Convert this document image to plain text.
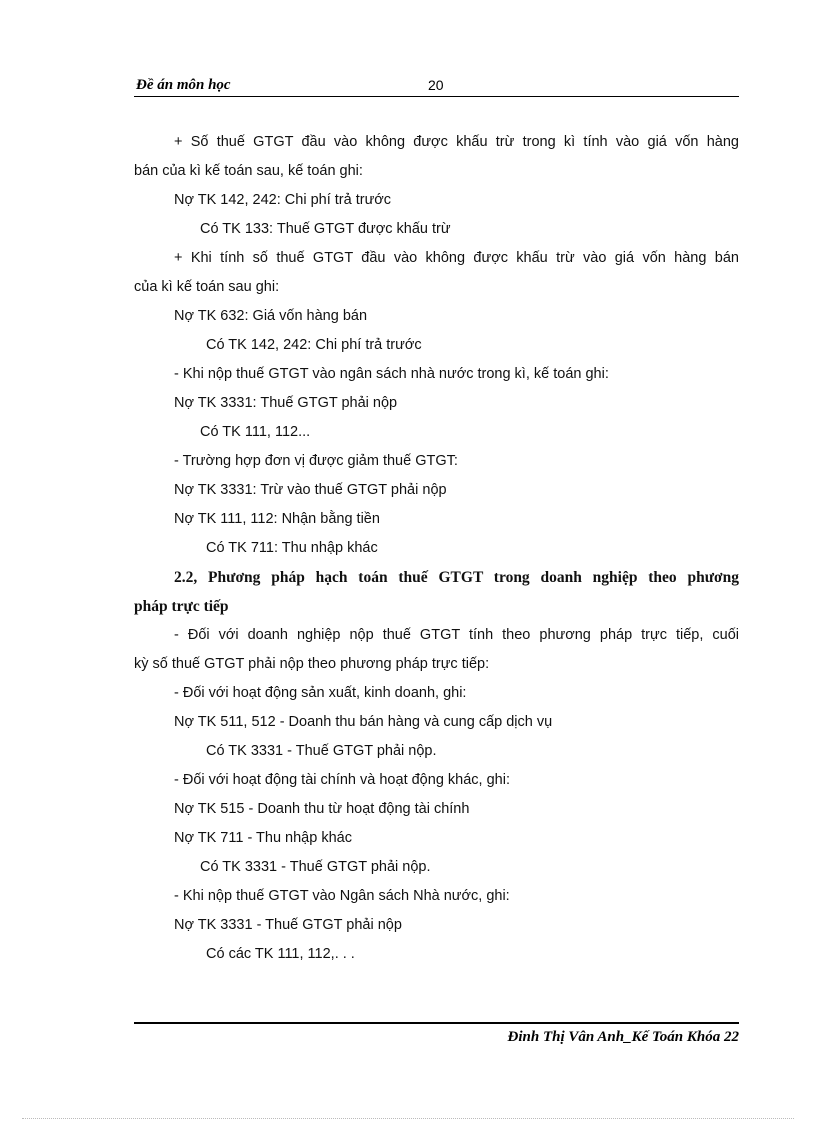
Đề án môn học	20
+ Số thuế GTGT đầu vào không được khấu trừ trong kì tính vào giá vốn hàng
bán của kì kế toán sau, kế toán ghi:
Nợ TK 142, 242: Chi phí trả trước
Có TK 133: Thuế GTGT được khấu trừ
+ Khi tính số thuế GTGT đầu vào không được khấu trừ vào giá vốn hàng bán
của kì kế toán sau ghi:
Nợ TK 632: Giá vốn hàng bán
Có TK 142, 242: Chi phí trả trước
- Khi nộp thuế GTGT vào ngân sách nhà nước trong kì, kế toán ghi:
Nợ TK 3331: Thuế GTGT phải nộp
Có TK 111, 112...
- Trường hợp đơn vị được giảm thuế GTGT:
Nợ TK 3331: Trừ vào thuế GTGT phải nộp
Nợ TK 111, 112: Nhận bằng tiền
Có TK 711: Thu nhập khác
2.2, Phương pháp hạch toán thuế GTGT trong doanh nghiệp theo phương
pháp trực tiếp
- Đối với doanh nghiệp nộp thuế GTGT tính theo phương pháp trực tiếp, cuối
kỳ số thuế GTGT phải nộp theo phương pháp trực tiếp:
- Đối với hoạt động sản xuất, kinh doanh, ghi:
Nợ TK 511, 512 - Doanh thu bán hàng và cung cấp dịch vụ
Có TK 3331 - Thuế GTGT phải nộp.
- Đối với hoạt động tài chính và hoạt động khác, ghi:
Nợ TK 515 - Doanh thu từ hoạt động tài chính
Nợ TK 711 - Thu nhập khác
Có TK 3331 - Thuế GTGT phải nộp.
- Khi nộp thuế GTGT vào Ngân sách Nhà nước, ghi:
Nợ TK 3331 - Thuế GTGT phải nộp
Có các TK 111, 112,. . .
Đinh Thị Vân Anh_Kế Toán Khóa 22
